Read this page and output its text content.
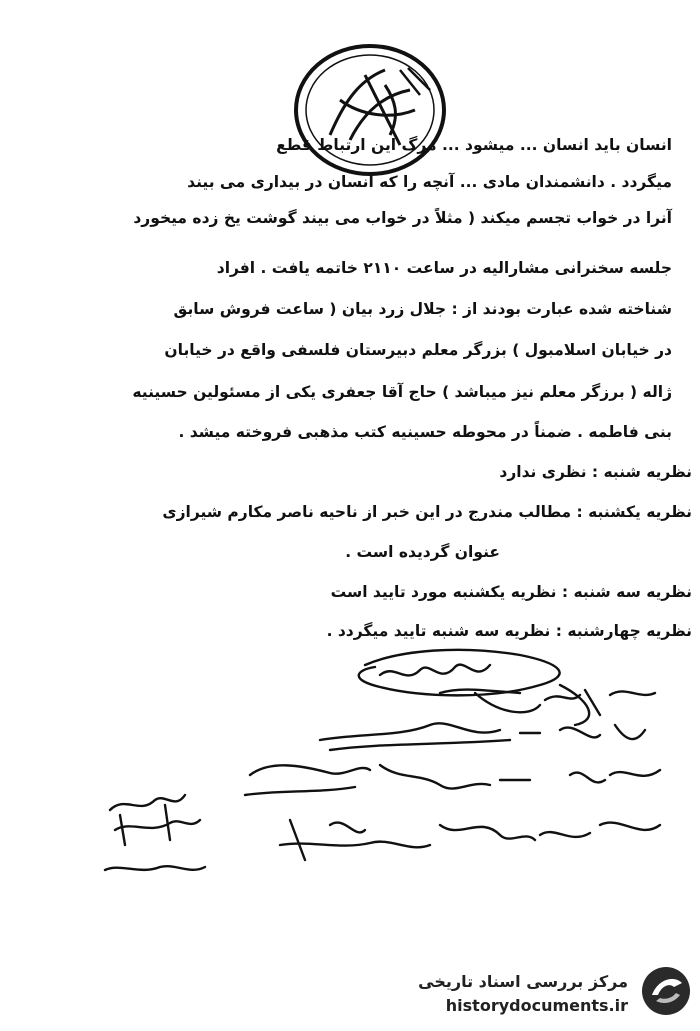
انسان باید انسان ... میشود ... مرگ این ارتباط قطع
میگردد . دانشمندان مادی ... آنچه را که انسان در بیداری می بیند
آنرا در خواب تجسم میکند ( مثلاً در خواب می بیند گوشت یخ زده میخورد
جلسه سخنرانی مشارالیه در ساعت ۲۱۱۰ خاتمه یافت . افراد
شناخته شده عبارت بودند از : جلال زرد بیان ( ساعت فروش سابق
در خیابان اسلامبول ) بزرگر معلم دبیرستان فلسفی واقع در خیابان
ژاله ( برزگر معلم نیز میباشد ) حاج آقا جعفری یکی از مسئولین حسینیه
بنی فاطمه . ضمناً در محوطه حسینیه کتب مذهبی فروخته میشد .
نظریه شنبه : نظری ندارد
نظریه یکشنبه : مطالب مندرج در این خبر از ناحیه ناصر مکارم شیرازی
عنوان گردیده است .
نظریه سه شنبه : نظریه یکشنبه مورد تایید است
نظریه چهارشنبه : نظریه سه شنبه تایید میگردد .
مرکز بررسی اسناد تاریخی
historydocuments.ir
